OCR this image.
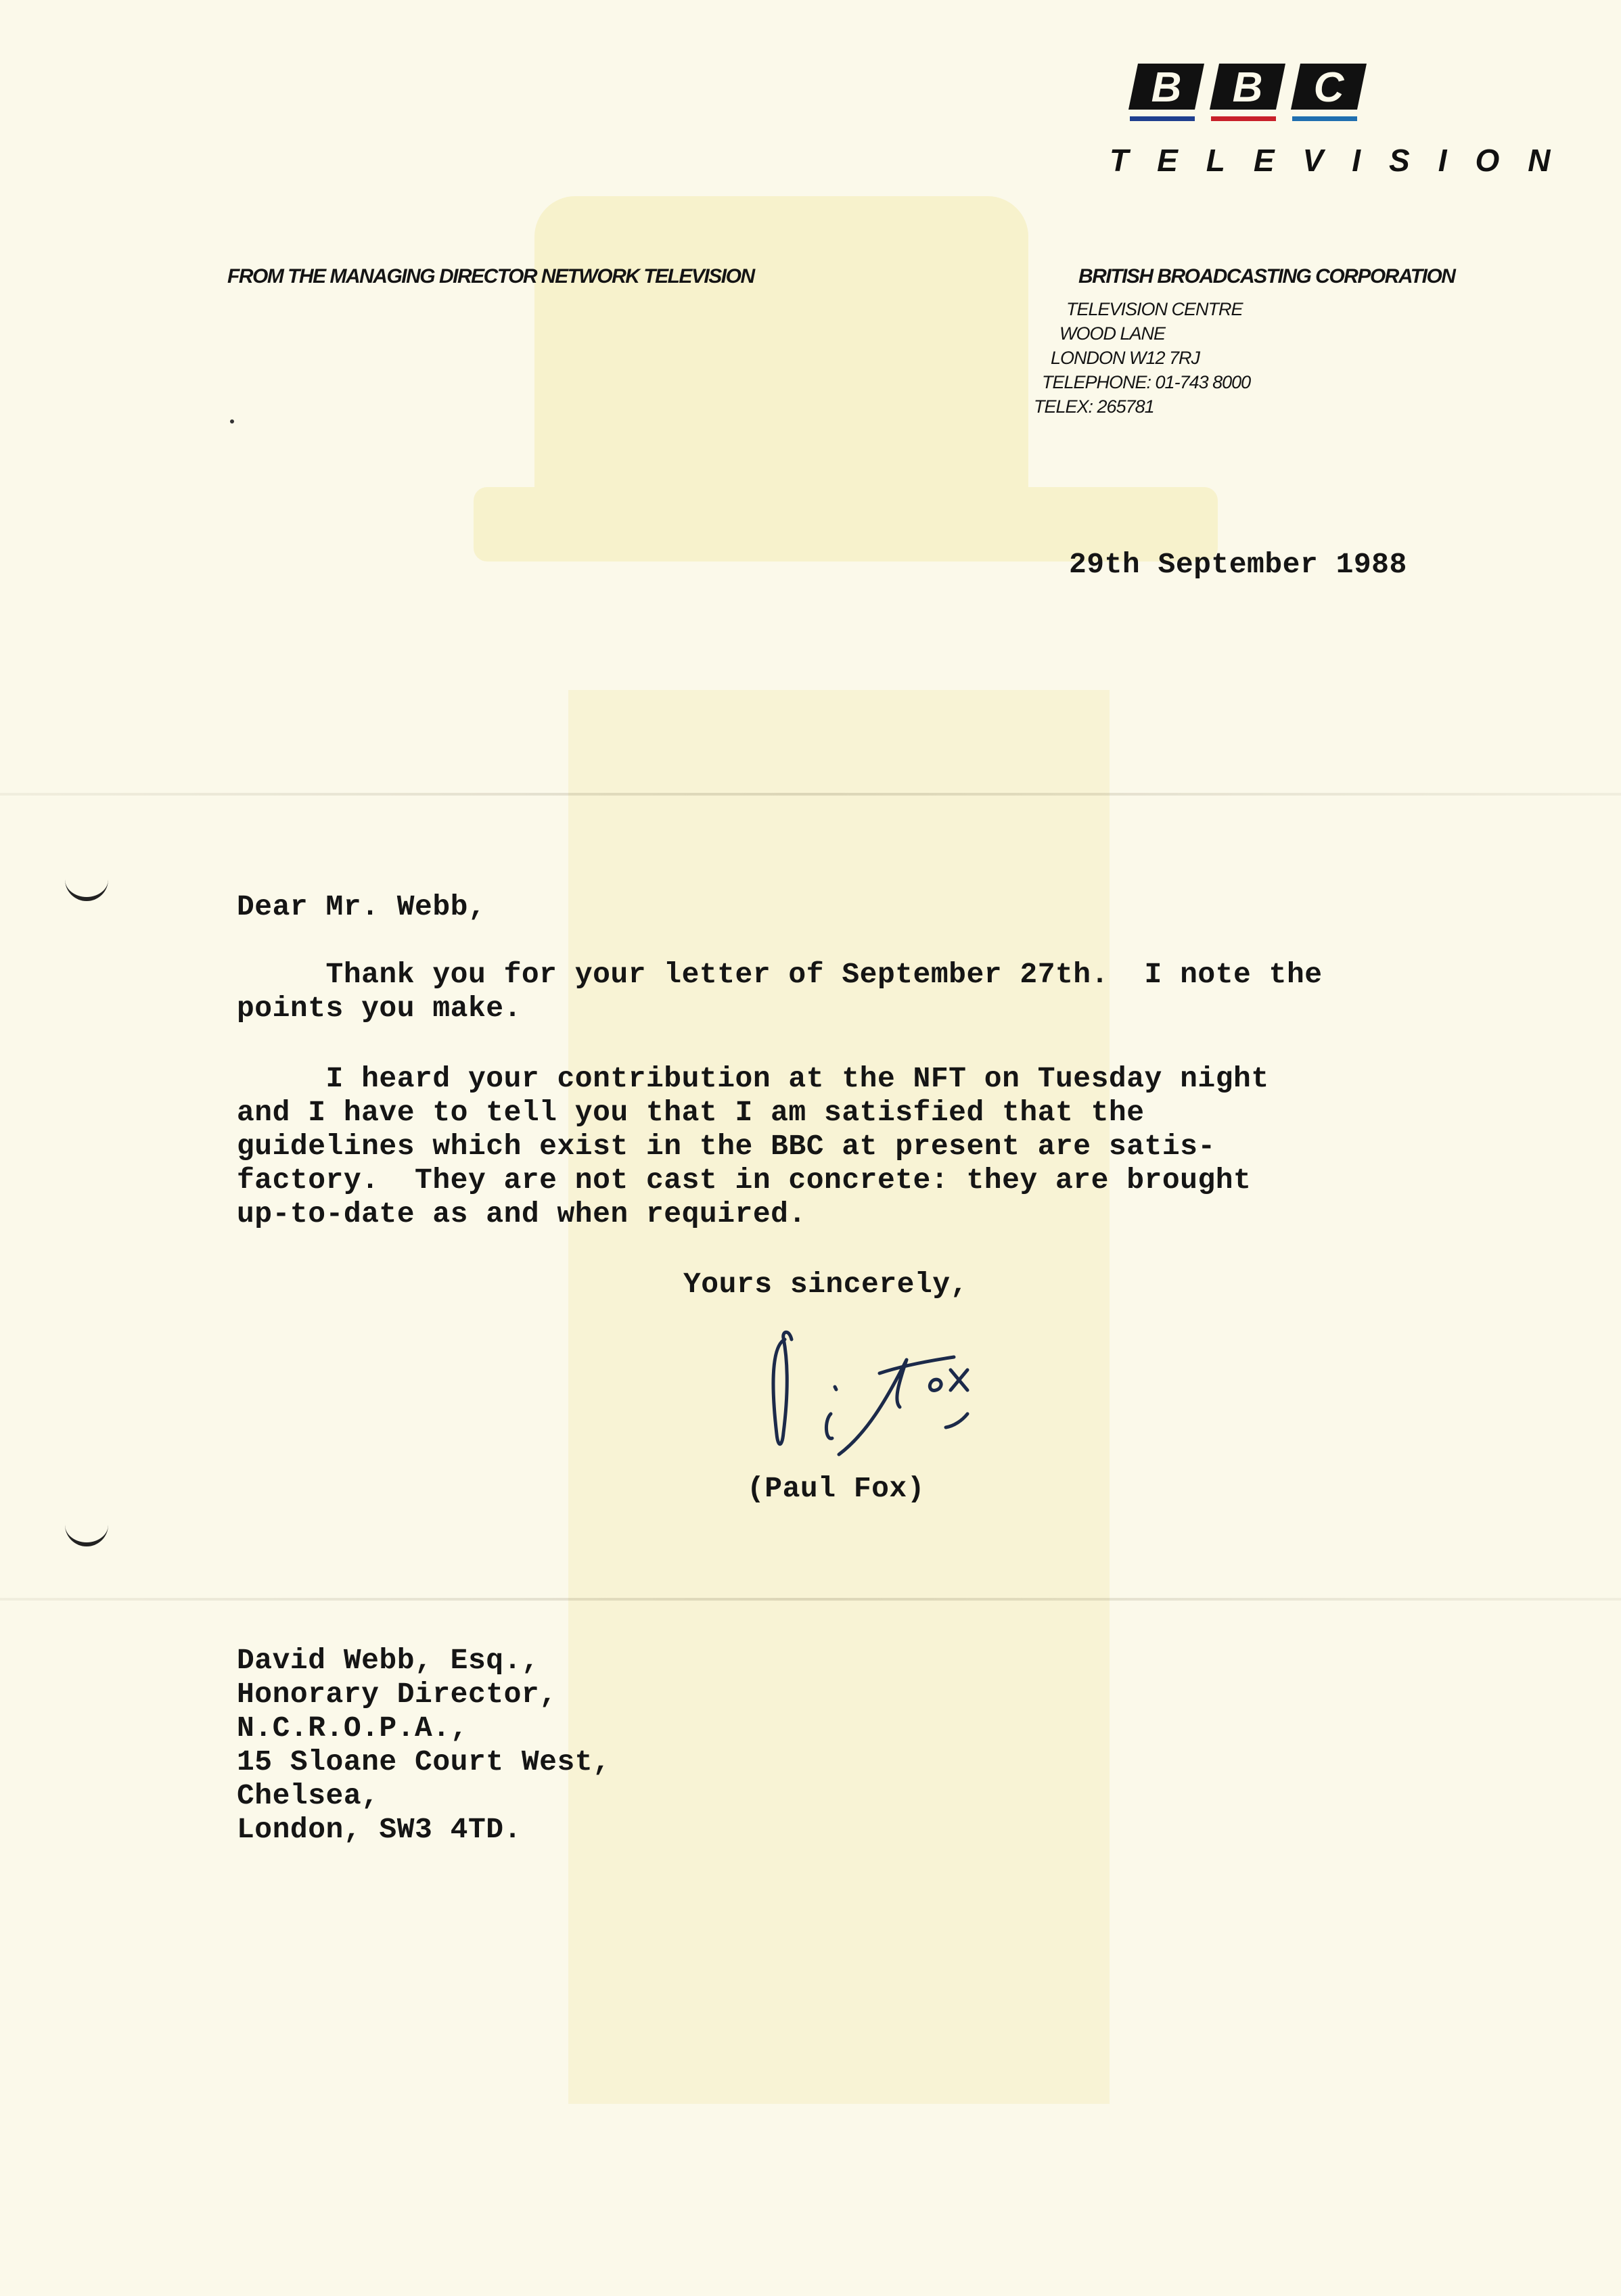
B B C
TELEVISION
FROM THE MANAGING DIRECTOR NETWORK TELEVISION	BRITISH BROADCASTING CORPORATION
TELEVISION CENTRE
WOOD LANE
LONDON W12 7RJ
TELEPHONE: 01-743 8000
TELEX: 265781
29th September 1988
Dear Mr. Webb,
Thank you for your letter of September 27th.  I note the
points you make.
I heard your contribution at the NFT on Tuesday night
and I have to tell you that I am satisfied that the
guidelines which exist in the BBC at present are satis-
factory.  They are not cast in concrete: they are brought
up-to-date as and when required.
Yours sincerely,
(Paul Fox)
David Webb, Esq.,
Honorary Director,
N.C.R.O.P.A.,
15 Sloane Court West,
Chelsea,
London, SW3 4TD.
